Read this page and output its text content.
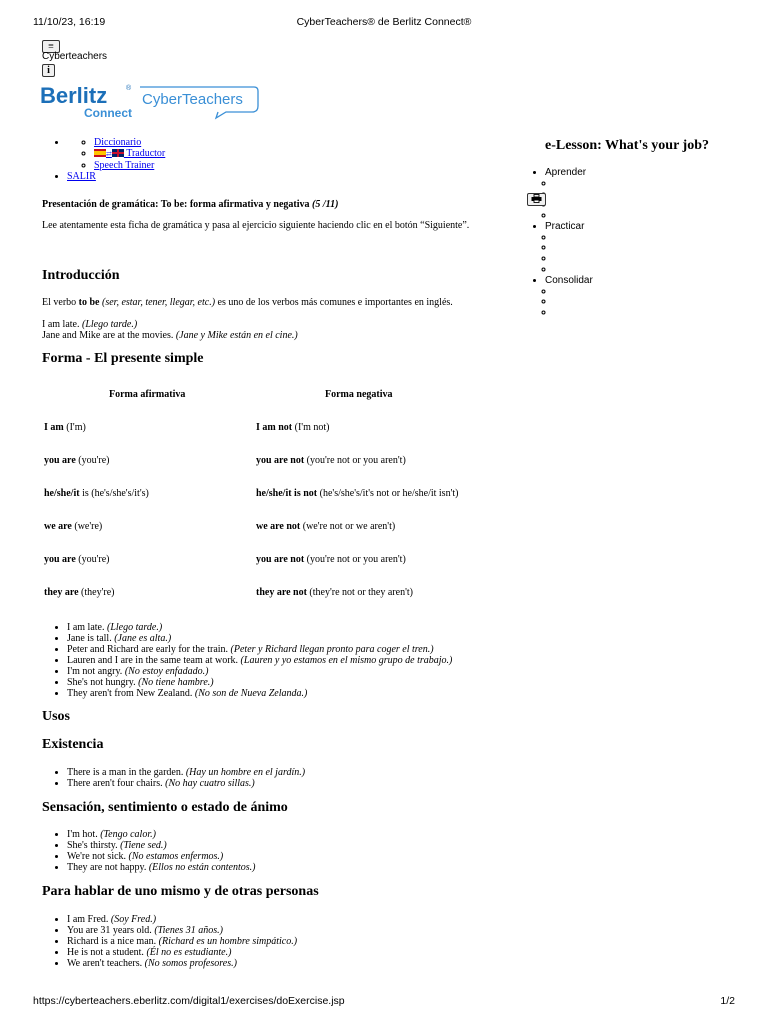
11/10/23, 16:19	CyberTeachers® de Berlitz Connect®
≡
Cyberteachers
i
Berlitz	®
Connect
CyberTeachers
◦ • Diccionario
◦ ⇄ Traductor
◦ Speech Trainer
• SALIR
e-Lesson: What's your job?
• Aprender
◦
◦
◦
◦
• Practicar
◦
◦
◦
◦
• Consolidar
◦
◦
◦
Presentación de gramática: To be: forma afirmativa y negativa (5 /11)
Lee atentamente esta ficha de gramática y pasa al ejercicio siguiente haciendo clic en el botón “Siguiente”.
Introducción
El verbo to be (ser, estar, tener, llegar, etc.) es uno de los verbos más comunes e importantes en inglés.
I am late. (Llego tarde.)
Jane and Mike are at the movies. (Jane y Mike están en el cine.)
Forma - El presente simple
Forma afirmativa	Forma negativa
I am (I'm)	I am not (I'm not)
you are (you're)	you are not (you're not or you aren't)
he/she/it is (he's/she's/it's)	he/she/it is not (he's/she's/it's not or he/she/it isn't)
we are (we're)	we are not (we're not or we aren't)
you are (you're)	you are not (you're not or you aren't)
they are (they're)	they are not (they're not or they aren't)
• I am late. (Llego tarde.)
• Jane is tall. (Jane es alta.)
• Peter and Richard are early for the train. (Peter y Richard llegan pronto para coger el tren.)
• Lauren and I are in the same team at work. (Lauren y yo estamos en el mismo grupo de trabajo.)
• I'm not angry. (No estoy enfadado.)
• She's not hungry. (No tiene hambre.)
• They aren't from New Zealand. (No son de Nueva Zelanda.)
Usos
Existencia
• There is a man in the garden. (Hay un hombre en el jardín.)
• There aren't four chairs. (No hay cuatro sillas.)
Sensación, sentimiento o estado de ánimo
• I'm hot. (Tengo calor.)
• She's thirsty. (Tiene sed.)
• We're not sick. (No estamos enfermos.)
• They are not happy. (Ellos no están contentos.)
Para hablar de uno mismo y de otras personas
• I am Fred. (Soy Fred.)
• You are 31 years old. (Tienes 31 años.)
• Richard is a nice man. (Richard es un hombre simpático.)
• He is not a student. (Él no es estudiante.)
• We aren't teachers. (No somos profesores.)
https://cyberteachers.eberlitz.com/digital1/exercises/doExercise.jsp	1/2
